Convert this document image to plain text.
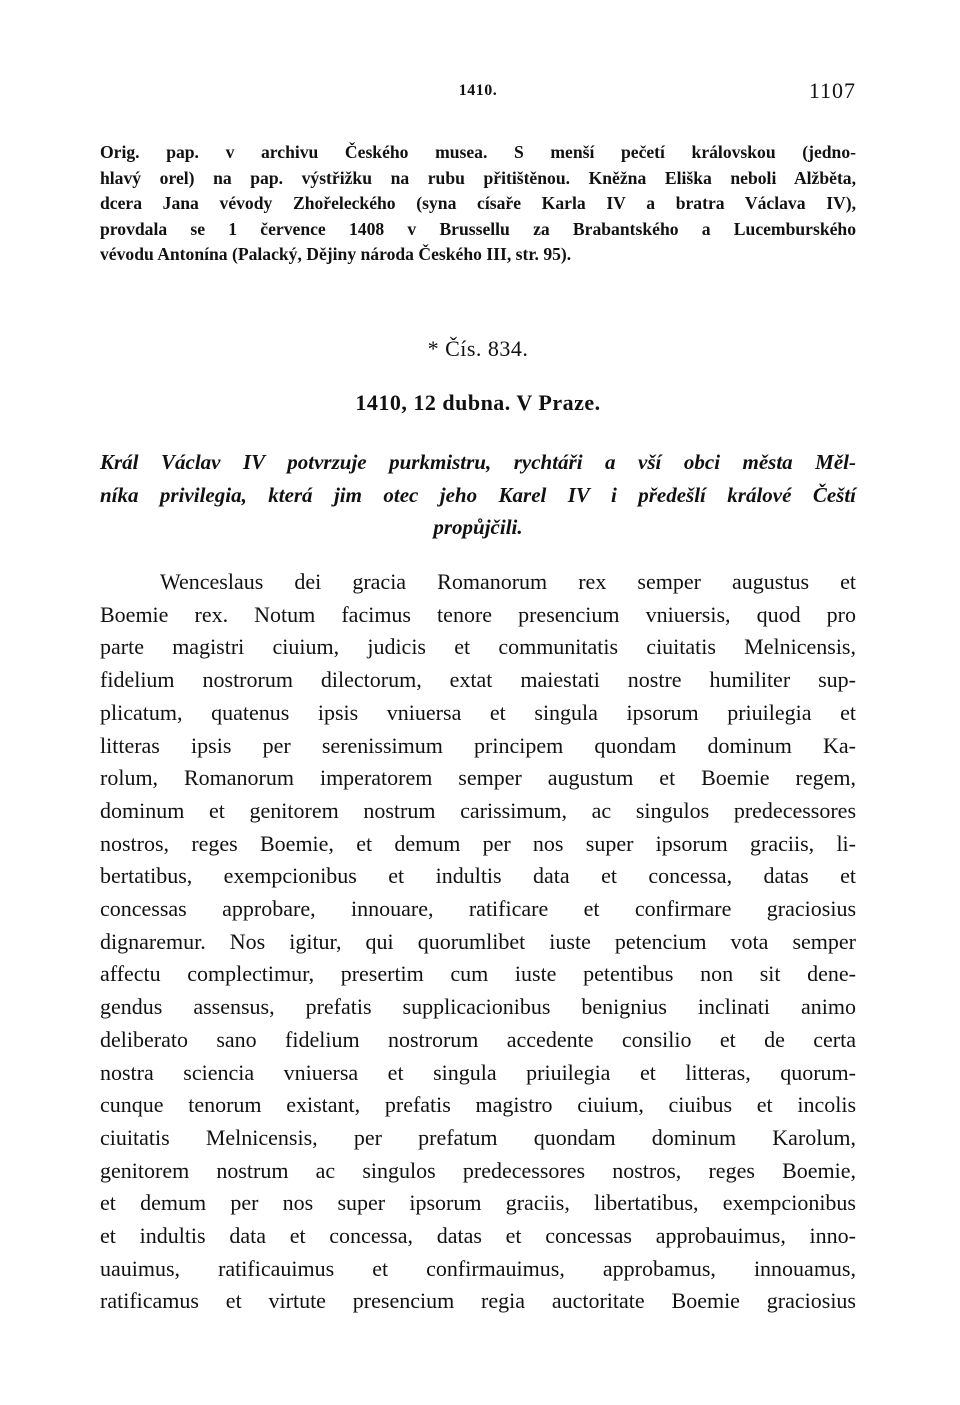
1410.	1107
Orig. pap. v archivu Českého musea. S menší pečetí královskou (jedno-
hlavý orel) na pap. výstřižku na rubu přitištěnou. Kněžna Eliška neboli Alžběta,
dcera Jana vévody Zhořeleckého (syna císaře Karla IV a bratra Václava IV),
provdala se 1 července 1408 v Brussellu za Brabantského a Lucemburského
vévodu Antonína (Palacký, Dějiny národa Českého III, str. 95).
* Čís. 834.
1410, 12 dubna. V Praze.
Král Václav IV potvrzuje purkmistru, rychtáři a vší obci města Měl-
níka privilegia, která jim otec jeho Karel IV i předešlí králové Čeští
propůjčili.
Wenceslaus dei gracia Romanorum rex semper augustus et
Boemie rex. Notum facimus tenore presencium vniuersis, quod pro
parte magistri ciuium, judicis et communitatis ciuitatis Melnicensis,
fidelium nostrorum dilectorum, extat maiestati nostre humiliter sup-
plicatum, quatenus ipsis vniuersa et singula ipsorum priuilegia et
litteras ipsis per serenissimum principem quondam dominum Ka-
rolum, Romanorum imperatorem semper augustum et Boemie regem,
dominum et genitorem nostrum carissimum, ac singulos predecessores
nostros, reges Boemie, et demum per nos super ipsorum graciis, li-
bertatibus, exempcionibus et indultis data et concessa, datas et
concessas approbare, innouare, ratificare et confirmare graciosius
dignaremur. Nos igitur, qui quorumlibet iuste petencium vota semper
affectu complectimur, presertim cum iuste petentibus non sit dene-
gendus assensus, prefatis supplicacionibus benignius inclinati animo
deliberato sano fidelium nostrorum accedente consilio et de certa
nostra sciencia vniuersa et singula priuilegia et litteras, quorum-
cunque tenorum existant, prefatis magistro ciuium, ciuibus et incolis
ciuitatis Melnicensis, per prefatum quondam dominum Karolum,
genitorem nostrum ac singulos predecessores nostros, reges Boemie,
et demum per nos super ipsorum graciis, libertatibus, exempcionibus
et indultis data et concessa, datas et concessas approbauimus, inno-
uauimus, ratificauimus et confirmauimus, approbamus, innouamus,
ratificamus et virtute presencium regia auctoritate Boemie graciosius
